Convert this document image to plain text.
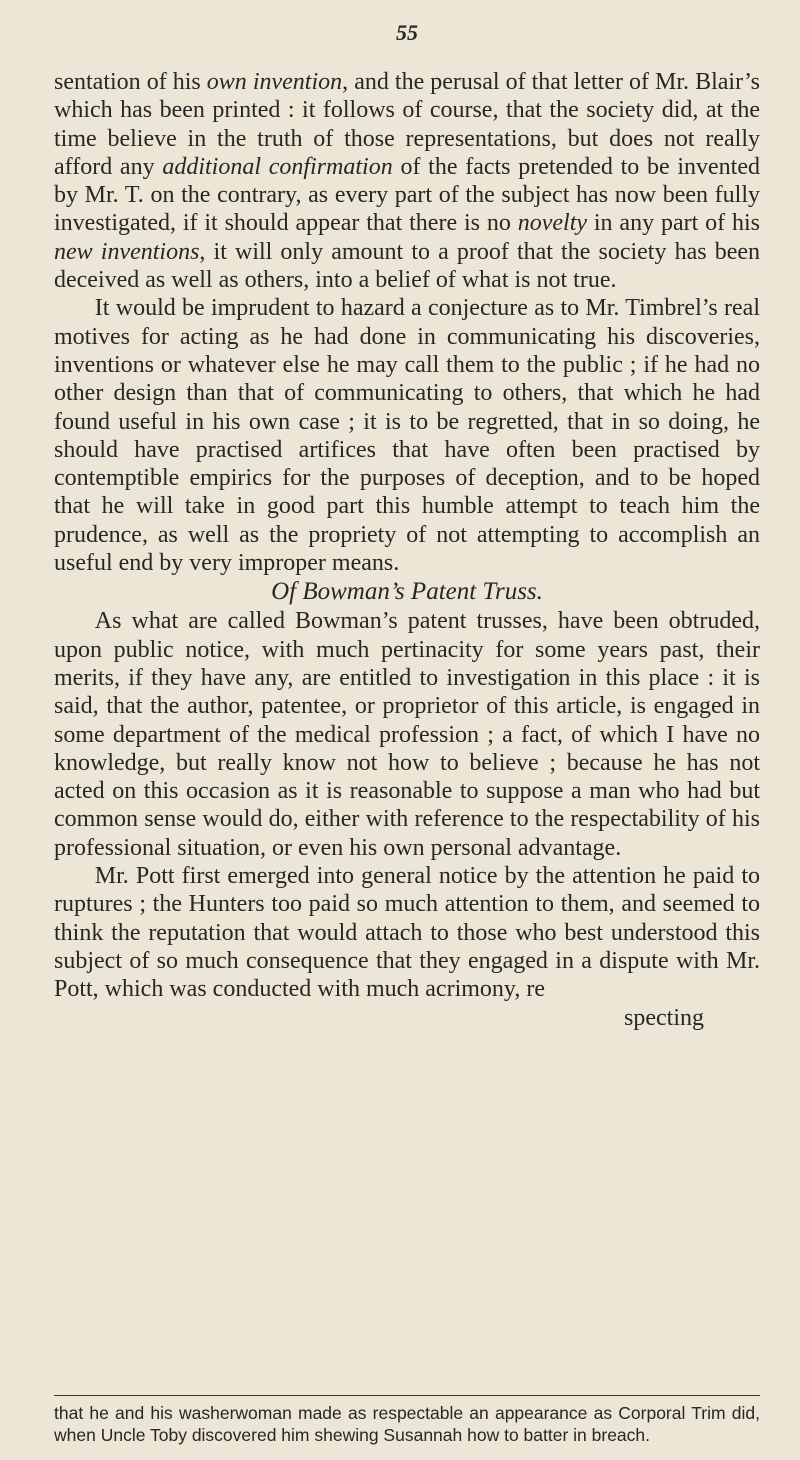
55

sentation of his own invention, and the perusal of that letter of Mr. Blair’s which has been printed : it follows of course, that the society did, at the time believe in the truth of those representations, but does not really afford any additional confirmation of the facts pretended to be invented by Mr. T. on the contrary, as every part of the subject has now been fully investigated, if it should appear that there is no novelty in any part of his new inventions, it will only amount to a proof that the society has been deceived as well as others, into a belief of what is not true.

It would be imprudent to hazard a conjecture as to Mr. Timbrel’s real motives for acting as he had done in communicating his discoveries, inventions or whatever else he may call them to the public ; if he had no other design than that of communicating to others, that which he had found useful in his own case ; it is to be regretted, that in so doing, he should have practised artifices that have often been practised by contemptible empirics for the purposes of deception, and to be hoped that he will take in good part this humble attempt to teach him the prudence, as well as the propriety of not attempting to accomplish an useful end by very improper means.

Of Bowman’s Patent Truss.

As what are called Bowman’s patent trusses, have been obtruded, upon public notice, with much pertinacity for some years past, their merits, if they have any, are entitled to investigation in this place : it is said, that the author, patentee, or proprietor of this article, is engaged in some department of the medical profession ; a fact, of which I have no knowledge, but really know not how to believe ; because he has not acted on this occasion as it is reasonable to suppose a man who had but common sense would do, either with reference to the respectability of his professional situation, or even his own personal advantage.

Mr. Pott first emerged into general notice by the attention he paid to ruptures ; the Hunters too paid so much attention to them, and seemed to think the reputation that would attach to those who best understood this subject of so much consequence that they engaged in a dispute with Mr. Pott, which was conducted with much acrimony, re

specting

that he and his washerwoman made as respectable an appearance as Corporal Trim did, when Uncle Toby discovered him shewing Susannah how to batter in breach.
